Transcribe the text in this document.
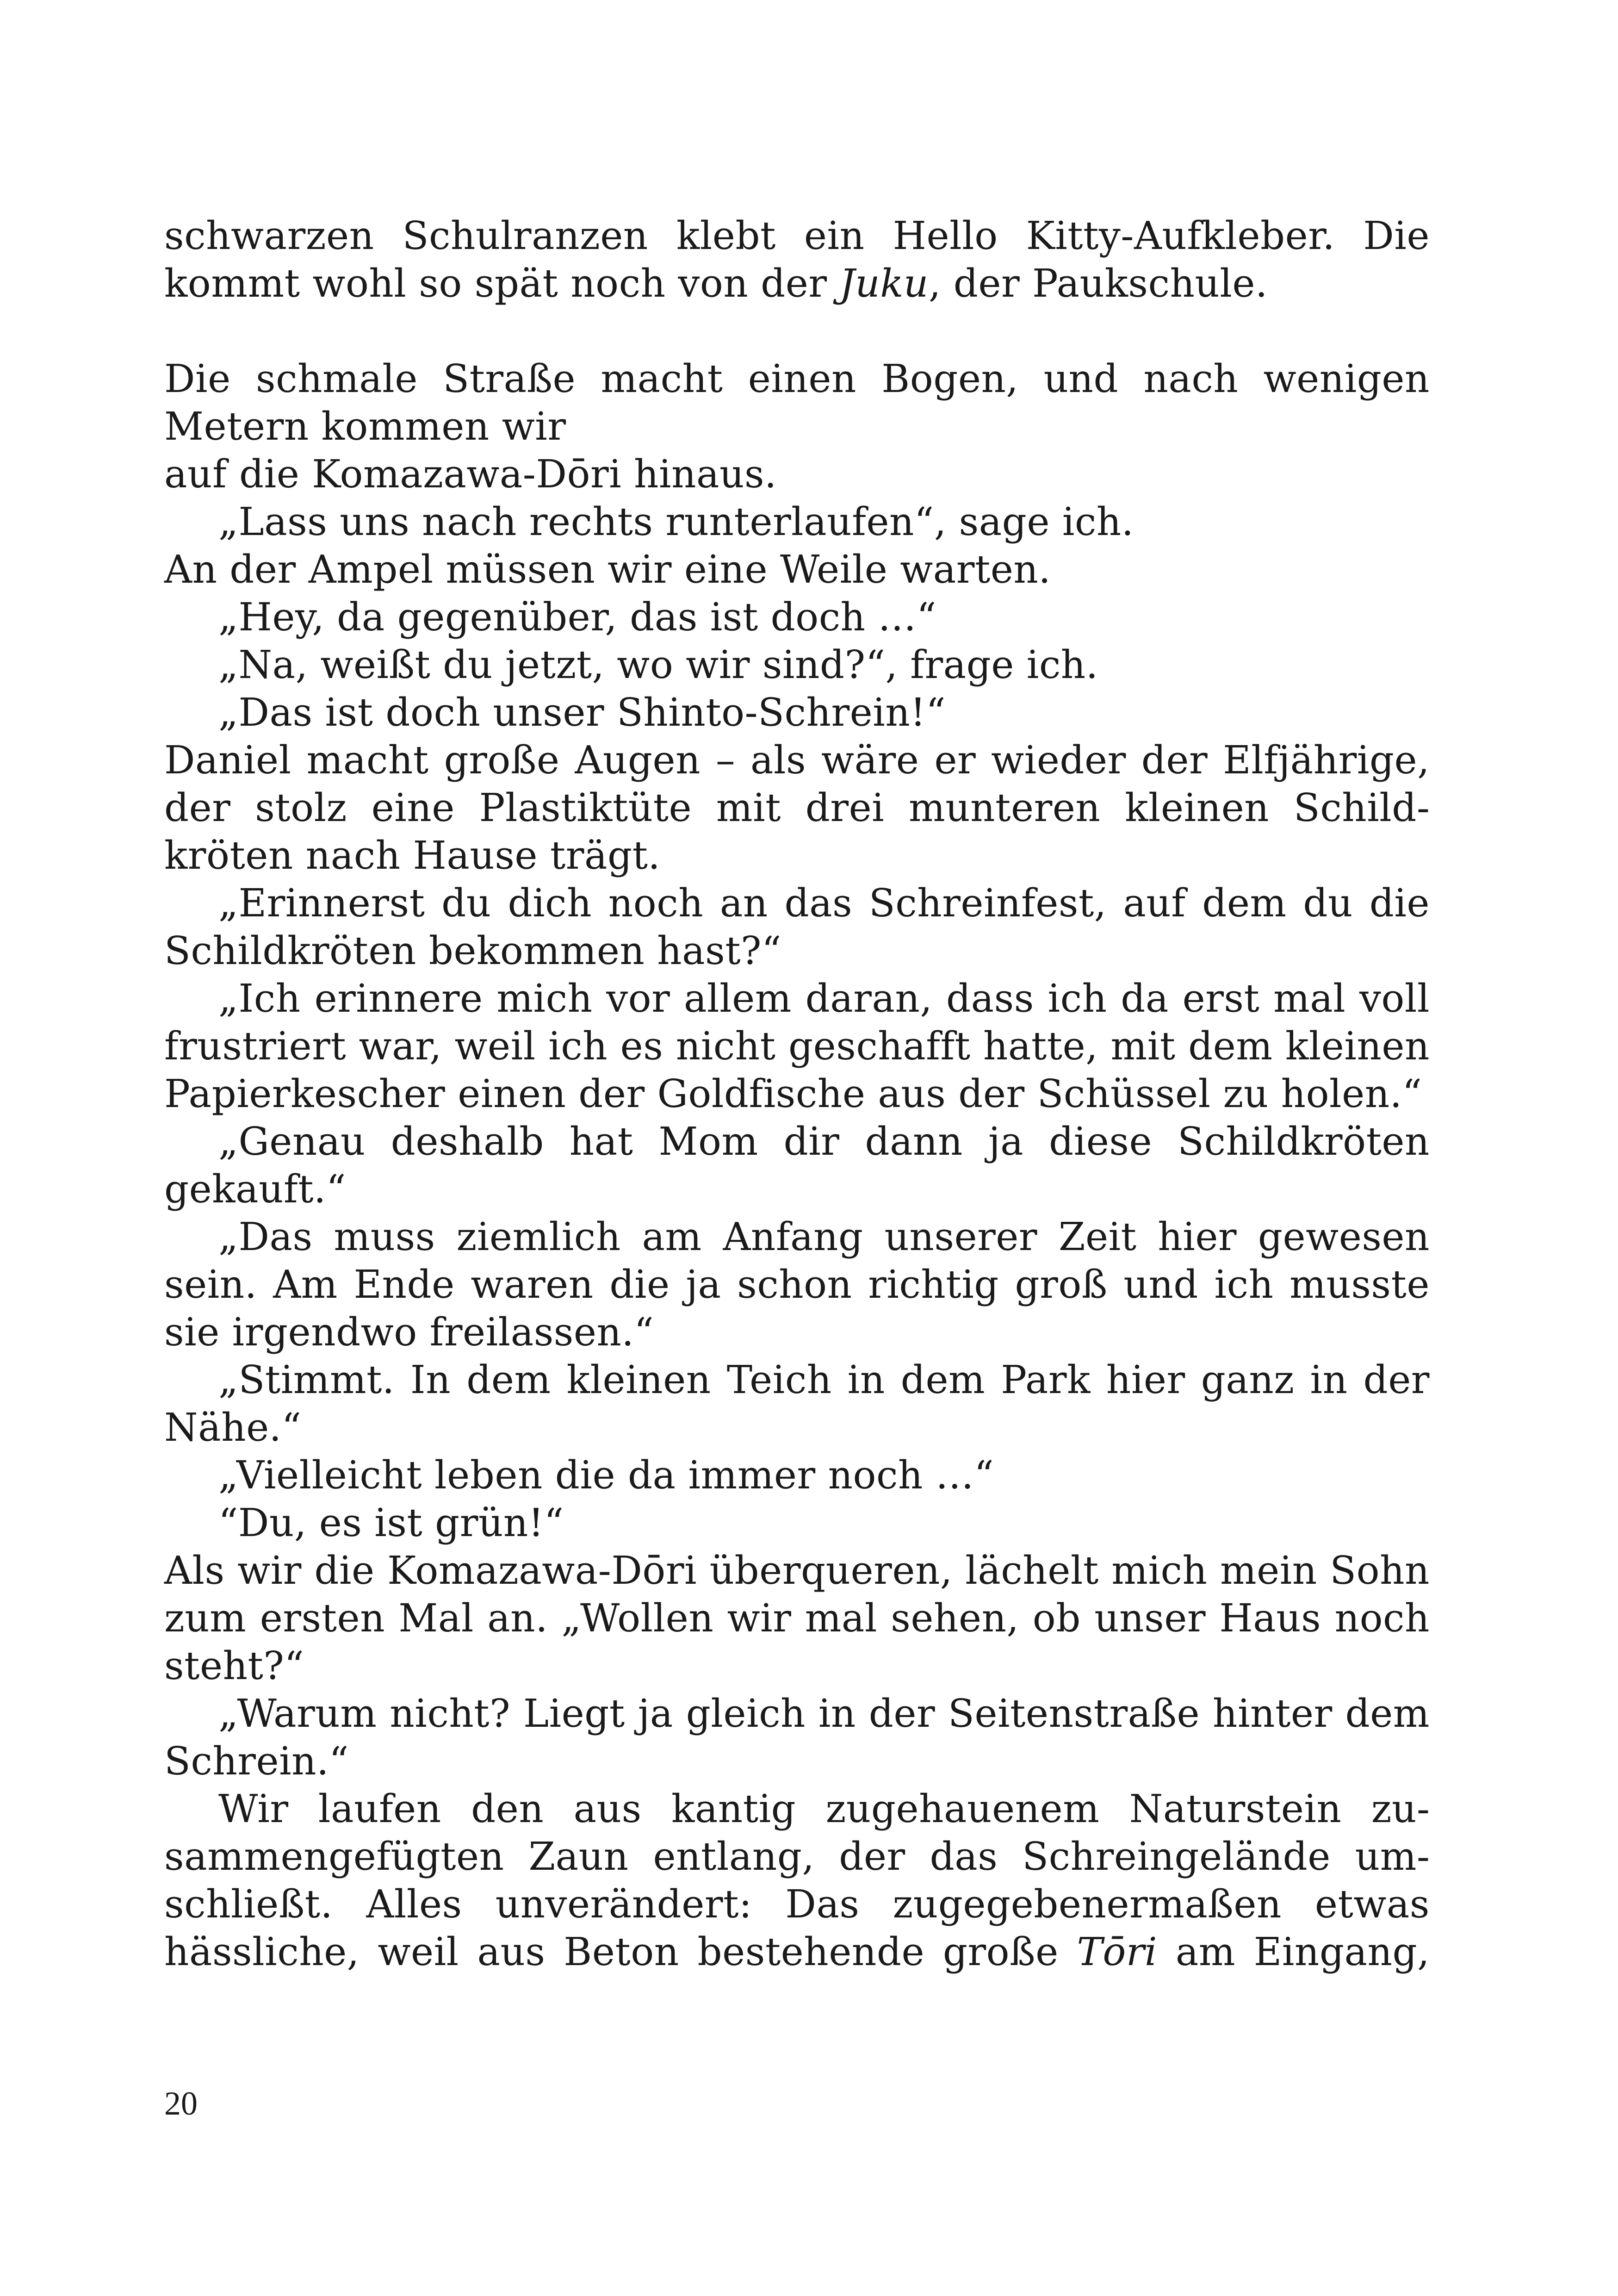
schwarzen Schulranzen klebt ein Hello Kitty-Aufkleber. Die kommt wohl so spät noch von der Juku, der Paukschule.

Die schmale Straße macht einen Bogen, und nach wenigen Metern kommen wir

auf die Komazawa-Dōri hinaus.

„Lass uns nach rechts runterlaufen“, sage ich.

An der Ampel müssen wir eine Weile warten.

„Hey, da gegenüber, das ist doch …“

„Na, weißt du jetzt, wo wir sind?“, frage ich.

„Das ist doch unser Shinto-Schrein!“

Daniel macht große Augen – als wäre er wieder der Elfjährige, der stolz eine Plastiktüte mit drei munteren kleinen Schildkröten nach Hause trägt.

„Erinnerst du dich noch an das Schreinfest, auf dem du die Schildkröten bekommen hast?“

„Ich erinnere mich vor allem daran, dass ich da erst mal voll frustriert war, weil ich es nicht geschafft hatte, mit dem kleinen Papierkescher einen der Goldfische aus der Schüssel zu holen.“

„Genau deshalb hat Mom dir dann ja diese Schildkröten gekauft.“

„Das muss ziemlich am Anfang unserer Zeit hier gewesen sein. Am Ende waren die ja schon richtig groß und ich musste sie irgendwo freilassen.“

„Stimmt. In dem kleinen Teich in dem Park hier ganz in der Nähe.“

„Vielleicht leben die da immer noch …“

“Du, es ist grün!“

Als wir die Komazawa-Dōri überqueren, lächelt mich mein Sohn zum ersten Mal an. „Wollen wir mal sehen, ob unser Haus noch steht?“

„Warum nicht? Liegt ja gleich in der Seitenstraße hinter dem Schrein.“

Wir laufen den aus kantig zugehauenem Naturstein zusammengefügten Zaun entlang, der das Schreingelände umschließt. Alles unverändert: Das zugegebenermaßen etwas hässliche, weil aus Beton bestehende große Tōri am Eingang,

20
